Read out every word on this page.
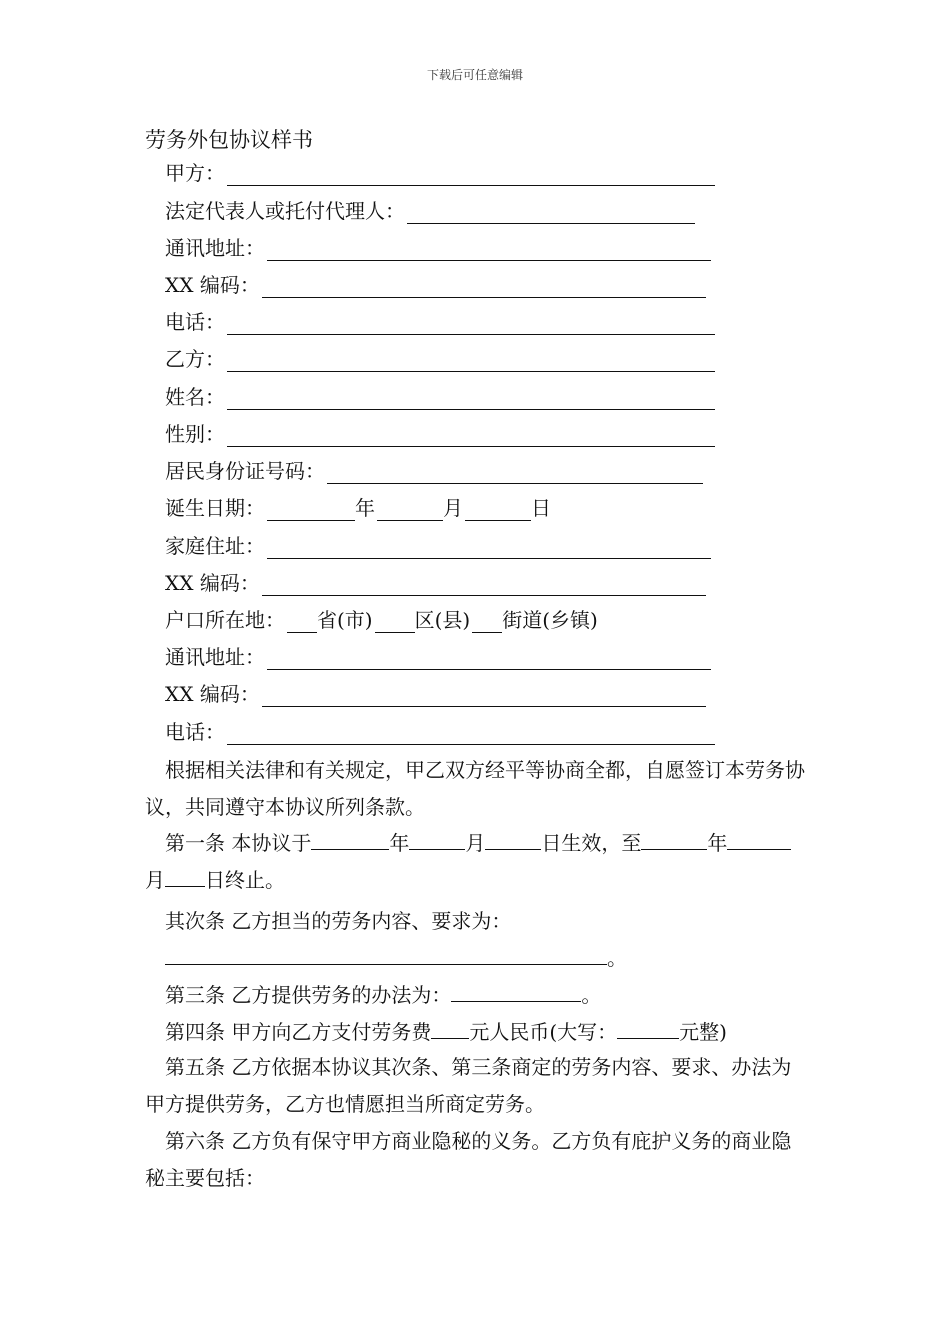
下载后可任意编辑
劳务外包协议样书
甲方：
法定代表人或托付代理人：
通讯地址：
XX 编码：
电话：
乙方：
姓名：
性别：
居民身份证号码：
诞生日期：	年	月	日
家庭住址：
XX 编码：
户口所在地： 省(市) 区(县) 街道(乡镇)
通讯地址：
XX 编码：
电话：
根据相关法律和有关规定，甲乙双方经平等协商全都，自愿签订本劳务协议，共同遵守本协议所列条款。
第一条 本协议于	年	月	日生效，至	年月 日终止。
其次条 乙方担当的劳务内容、要求为：
。
第三条 乙方提供劳务的办法为：	。
第四条 甲方向乙方支付劳务费 元人民币(大写：	元整)
第五条 乙方依据本协议其次条、第三条商定的劳务内容、要求、办法为甲方提供劳务，乙方也情愿担当所商定劳务。
第六条 乙方负有保守甲方商业隐秘的义务。乙方负有庇护义务的商业隐秘主要包括：
